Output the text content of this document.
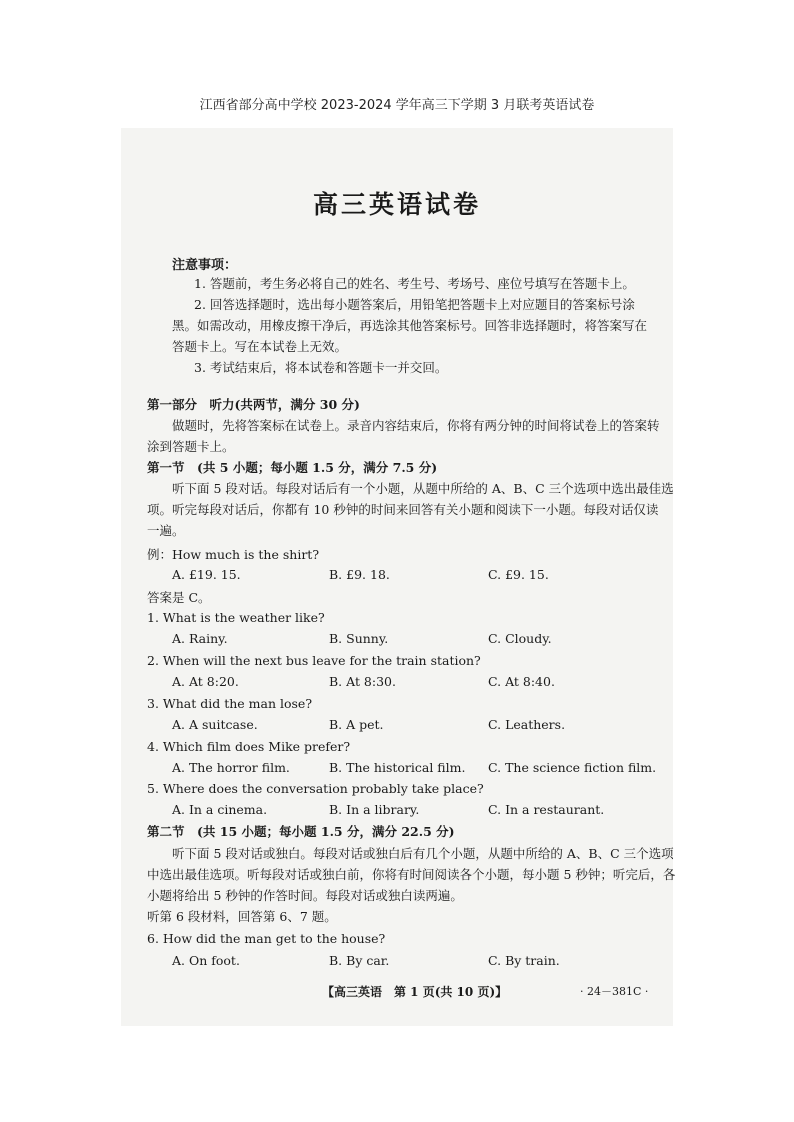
江西省部分高中学校 2023-2024 学年高三下学期 3 月联考英语试卷
高三英语试卷
注意事项：
1. 答题前，考生务必将自己的姓名、考生号、考场号、座位号填写在答题卡上。
2. 回答选择题时，选出每小题答案后，用铅笔把答题卡上对应题目的答案标号涂
黑。如需改动，用橡皮擦干净后，再选涂其他答案标号。回答非选择题时，将答案写在
答题卡上。写在本试卷上无效。
3. 考试结束后，将本试卷和答题卡一并交回。
第一部分　听力(共两节，满分 30 分)
做题时，先将答案标在试卷上。录音内容结束后，你将有两分钟的时间将试卷上的答案转
涂到答题卡上。
第一节　(共 5 小题；每小题 1.5 分，满分 7.5 分)
听下面 5 段对话。每段对话后有一个小题，从题中所给的 A、B、C 三个选项中选出最佳选
项。听完每段对话后，你都有 10 秒钟的时间来回答有关小题和阅读下一小题。每段对话仅读
一遍。
例：How much is the shirt?
A. £19. 15.	B. £9. 18.	C. £9. 15.
答案是 C。
1. What is the weather like?
A. Rainy.	B. Sunny.	C. Cloudy.
2. When will the next bus leave for the train station?
A. At 8:20.	B. At 8:30.	C. At 8:40.
3. What did the man lose?
A. A suitcase.	B. A pet.	C. Leathers.
4. Which film does Mike prefer?
A. The horror film.	B. The historical film. C. The science fiction film.
5. Where does the conversation probably take place?
A. In a cinema.	B. In a library.	C. In a restaurant.
第二节　(共 15 小题；每小题 1.5 分，满分 22.5 分)
听下面 5 段对话或独白。每段对话或独白后有几个小题，从题中所给的 A、B、C 三个选项
中选出最佳选项。听每段对话或独白前，你将有时间阅读各个小题，每小题 5 秒钟；听完后，各
小题将给出 5 秒钟的作答时间。每段对话或独白读两遍。
听第 6 段材料，回答第 6、7 题。
6. How did the man get to the house?
A. On foot.	B. By car.	C. By train.
【高三英语　第 1 页(共 10 页)】	· 24－381C ·
